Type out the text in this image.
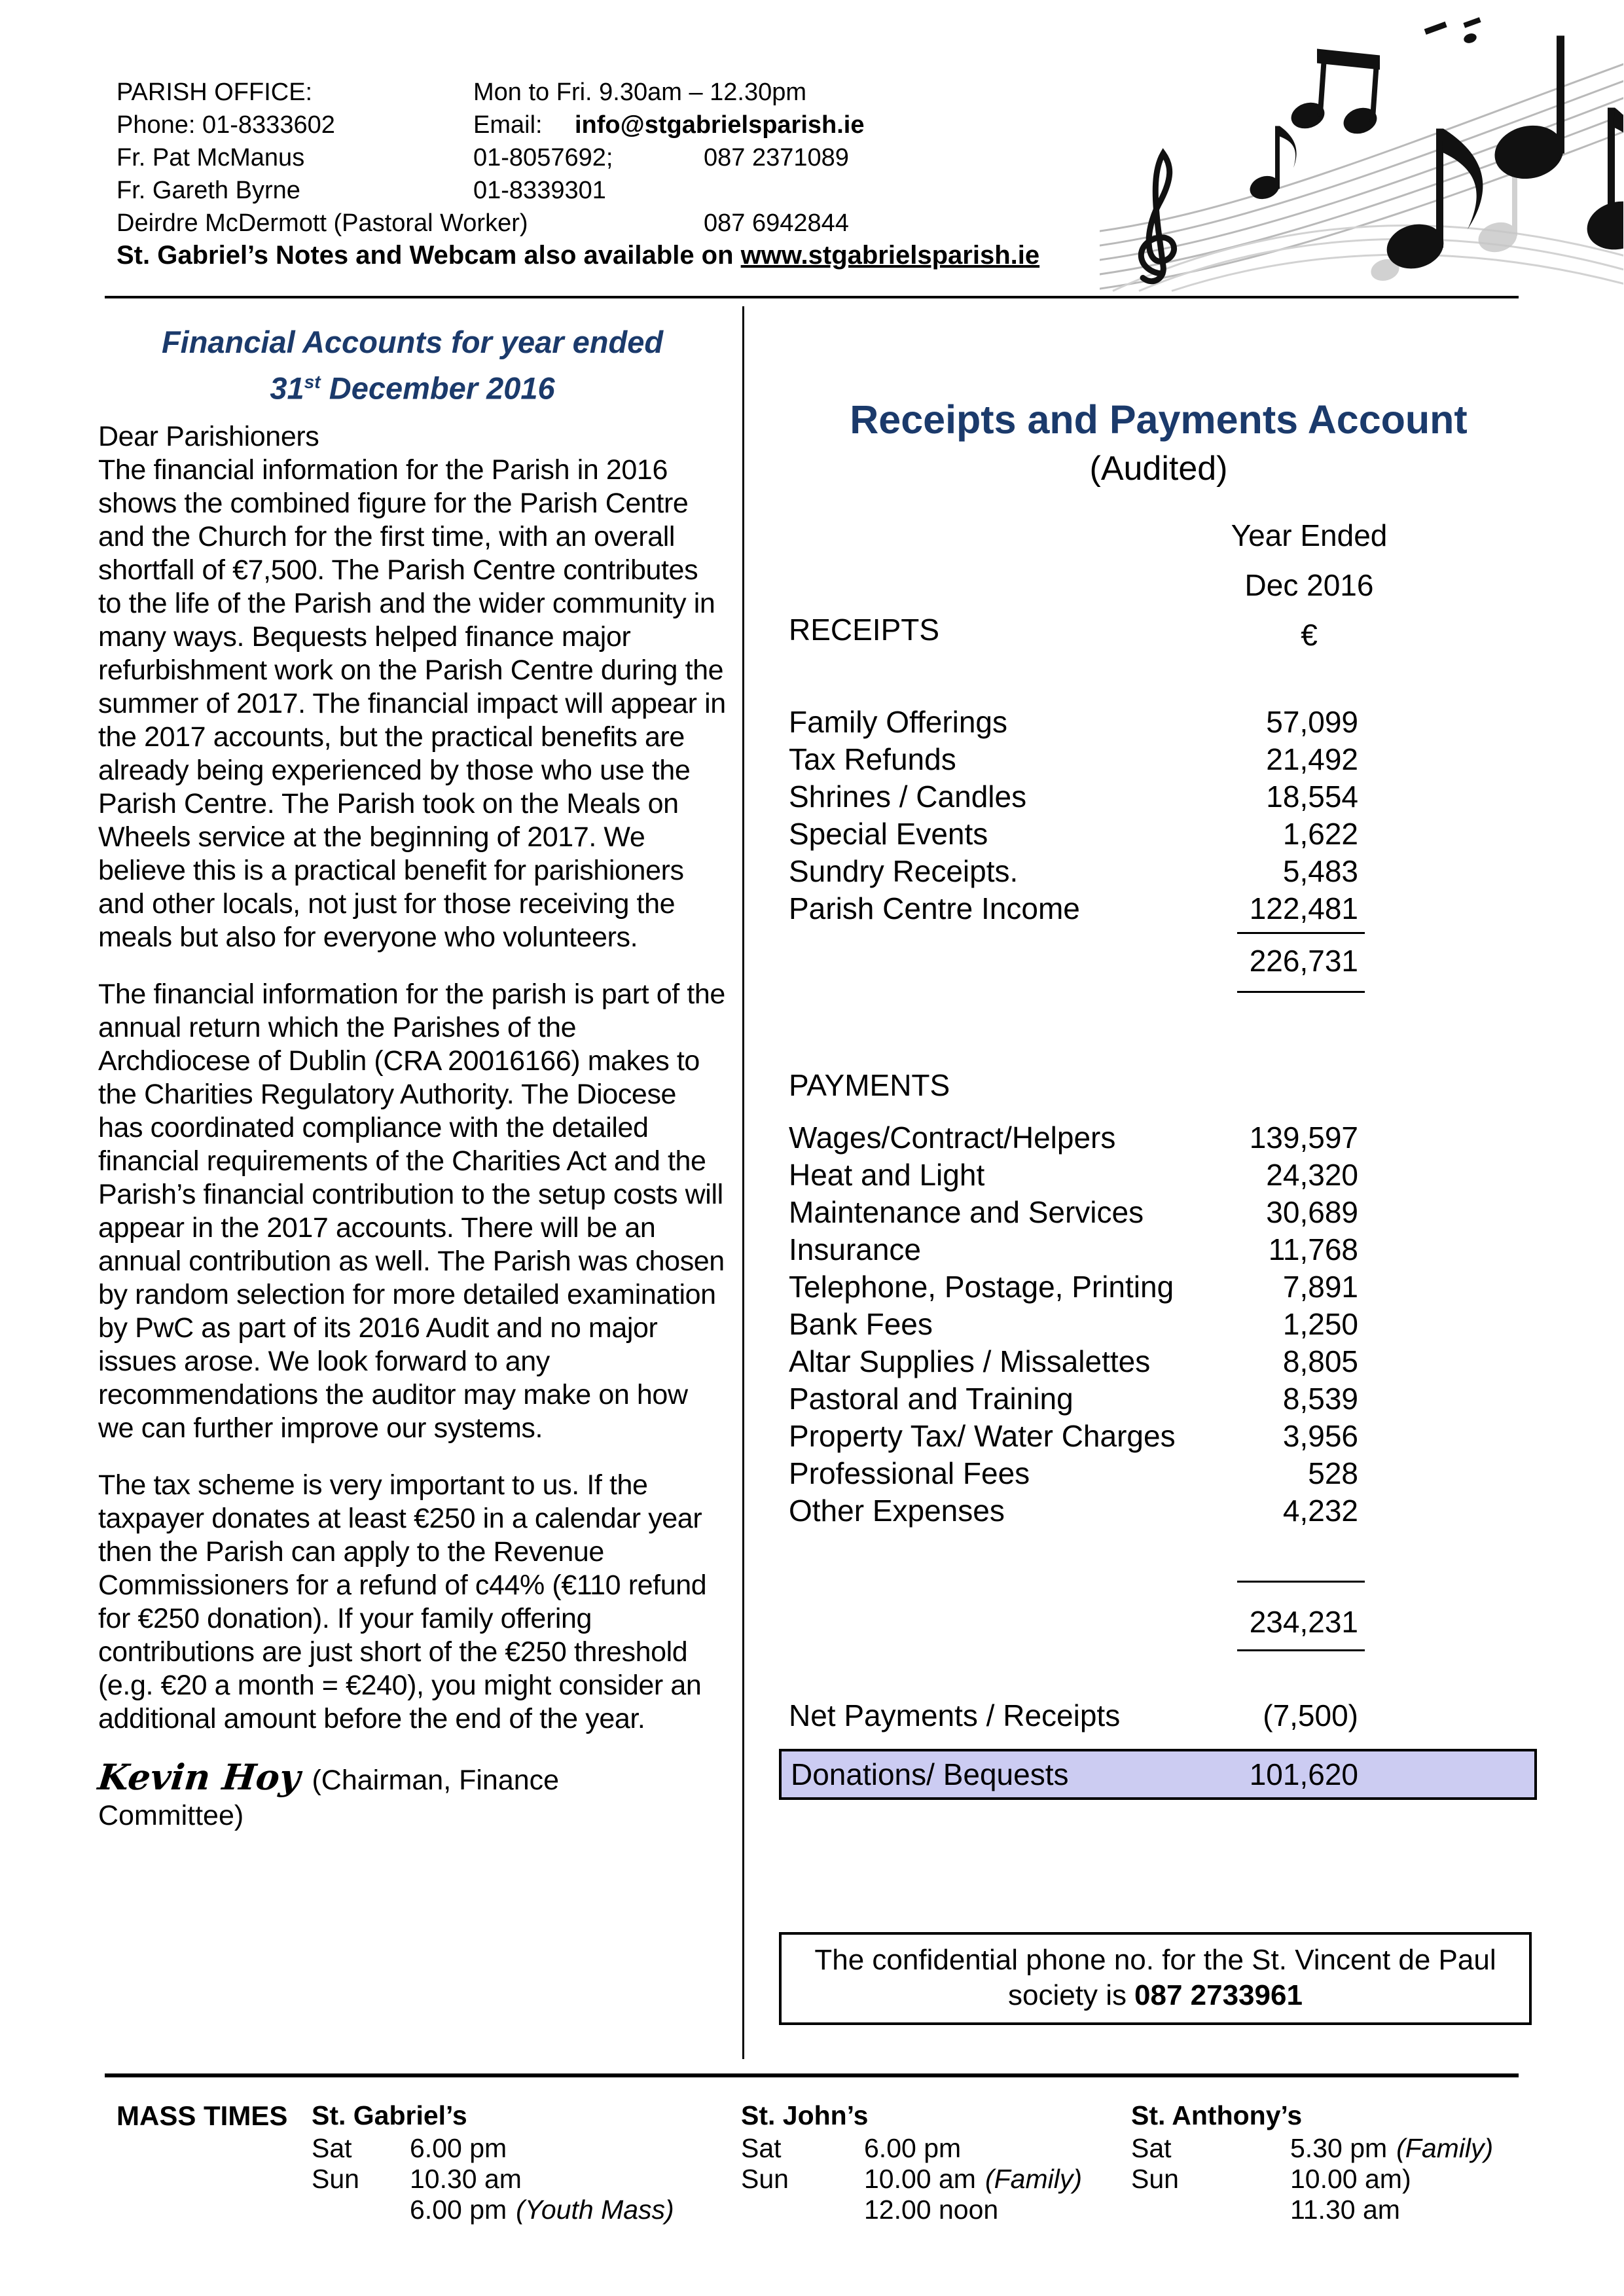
PARISH OFFICE:	Mon to Fri. 9.30am – 12.30pm
Phone: 01-8333602	Email: info@stgabrielsparish.ie
Fr. Pat McManus	01-8057692;	087 2371089
Fr. Gareth Byrne	01-8339301
Deirdre McDermott (Pastoral Worker)	087 6942844
St. Gabriel’s Notes and Webcam also available on www.stgabrielsparish.ie
Financial Accounts for year ended
31st December 2016
Dear Parishioners
The financial information for the Parish in 2016 shows the combined figure for the Parish Centre and the Church for the first time, with an overall shortfall of €7,500. The Parish Centre contributes to the life of the Parish and the wider community in many ways. Bequests helped finance major refurbishment work on the Parish Centre during the summer of 2017. The financial impact will appear in the 2017 accounts, but the practical benefits are already being experienced by those who use the Parish Centre. The Parish took on the Meals on Wheels service at the beginning of 2017. We believe this is a practical benefit for parishioners and other locals, not just for those receiving the meals but also for everyone who volunteers.
The financial information for the parish is part of the annual return which the Parishes of the Archdiocese of Dublin (CRA 20016166) makes to the Charities Regulatory Authority. The Diocese has coordinated compliance with the detailed financial requirements of the Charities Act and the Parish’s financial contribution to the setup costs will appear in the 2017 accounts. There will be an annual contribution as well. The Parish was chosen by random selection for more detailed examination by PwC as part of its 2016 Audit and no major issues arose. We look forward to any recommendations the auditor may make on how we can further improve our systems.
The tax scheme is very important to us. If the taxpayer donates at least €250 in a calendar year then the Parish can apply to the Revenue Commissioners for a refund of c44% (€110 refund for €250 donation). If your family offering contributions are just short of the €250 threshold (e.g. €20 a month = €240), you might consider an additional amount before the end of the year.
Kevin Hoy (Chairman, Finance Committee)
Receipts and Payments Account
(Audited)
Year Ended
Dec 2016
€
RECEIPTS
Family Offerings	57,099
Tax Refunds	21,492
Shrines / Candles	18,554
Special Events	1,622
Sundry Receipts.	5,483
Parish Centre Income	122,481
226,731
PAYMENTS
Wages/Contract/Helpers	139,597
Heat and Light	24,320
Maintenance and Services	30,689
Insurance	11,768
Telephone, Postage, Printing	7,891
Bank Fees	1,250
Altar Supplies / Missalettes	8,805
Pastoral and Training	8,539
Property Tax/ Water Charges	3,956
Professional Fees	528
Other Expenses	4,232
234,231
Net Payments / Receipts	(7,500)
Donations/ Bequests	101,620
The confidential phone no. for the St. Vincent de Paul
society is 087 2733961
MASS TIMES St. Gabriel’s
Sat 6.00 pm
Sun 10.30 am
6.00 pm (Youth Mass)
St. John’s
Sat	6.00 pm
Sun	10.00 am (Family)
12.00 noon
St. Anthony’s
Sat	5.30 pm (Family)
Sun	10.00 am)
11.30 am
